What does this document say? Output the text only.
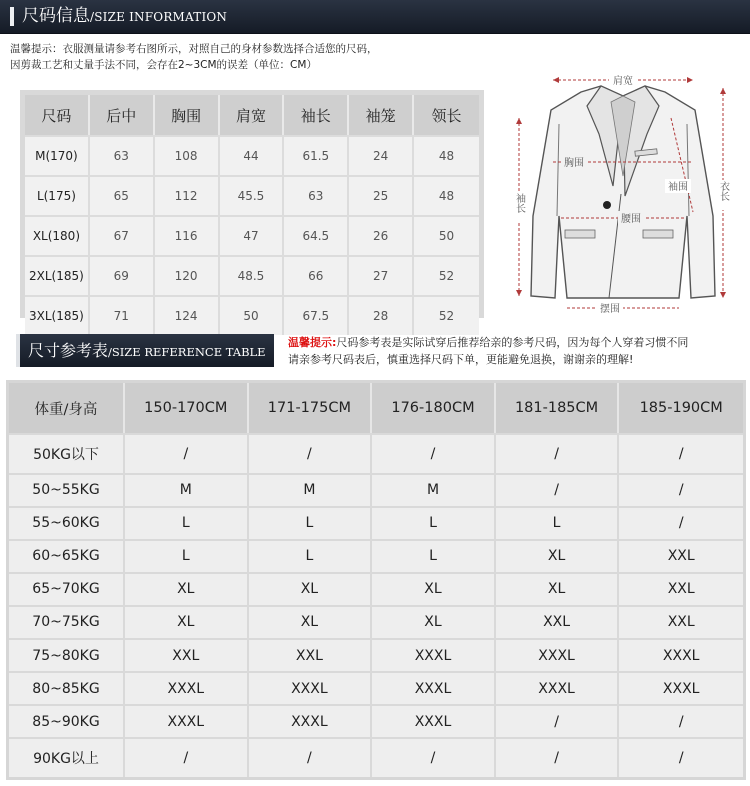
尺码信息/SIZE INFORMATION
温馨提示：衣服测量请参考右图所示，对照自己的身材参数选择合适您的尺码，
因剪裁工艺和丈量手法不同，会存在2~3CM的误差（单位：CM）
尺码	后中	胸围	肩宽	袖长	袖笼	领长
M(170)	63	108	44	61.5	24	48
L(175)	65	112	45.5	63	25	48
XL(180)	67	116	47	64.5	26	50
2XL(185)	69	120	48.5	66	27	52
3XL(185)	71	124	50	67.5	28	52
肩宽
胸围
袖围
腰围
摆围
衣长
袖长
尺寸参考表/SIZE REFERENCE TABLE
温馨提示:尺码参考表是实际试穿后推荐给亲的参考尺码，因为每个人穿着习惯不同
请亲参考尺码表后，慎重选择尺码下单，更能避免退换，谢谢亲的理解!
体重/身高	150-170CM	171-175CM	176-180CM	181-185CM	185-190CM
50KG以下	/	/	/	/	/
50~55KG	M	M	M	/	/
55~60KG	L	L	L	L	/
60~65KG	L	L	L	XL	XXL
65~70KG	XL	XL	XL	XL	XXL
70~75KG	XL	XL	XL	XXL	XXL
75~80KG	XXL	XXL	XXXL	XXXL	XXXL
80~85KG	XXXL	XXXL	XXXL	XXXL	XXXL
85~90KG	XXXL	XXXL	XXXL	/	/
90KG以上	/	/	/	/	/
